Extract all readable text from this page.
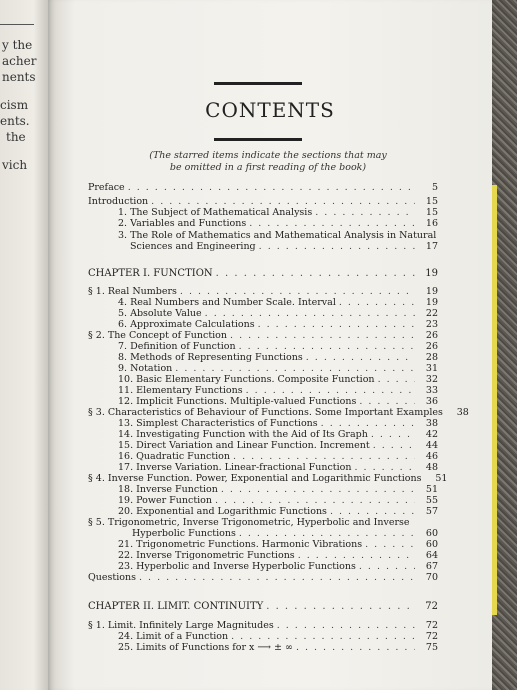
y the
acher
nents
cism
ents.
the
vich
CONTENTS
(The starred items indicate the sections that may
be omitted in a first reading of the book)
Preface . . .	5
Introduction . . .	15
1. The Subject of Mathematical Analysis . . .	15
2. Variables and Functions . . .	16
3. The Role of Mathematics and Mathematical Analysis in Natural
Sciences and Engineering . . .	17
CHAPTER I. FUNCTION . . .	19
§ 1. Real Numbers . . .	19
4. Real Numbers and Number Scale. Interval . . .	19
5. Absolute Value . . .	22
6. Approximate Calculations . . .	23
§ 2. The Concept of Function . . .	26
7. Definition of Function . . .	26
8. Methods of Representing Functions . . .	28
9. Notation . . .	31
10. Basic Elementary Functions. Composite Function . . .	32
11. Elementary Functions . . .	33
12. Implicit Functions. Multiple-valued Functions . . .	36
§ 3. Characteristics of Behaviour of Functions. Some Important Examples	38
13. Simplest Characteristics of Functions . . .	38
14. Investigating Function with the Aid of Its Graph . . .	42
15. Direct Variation and Linear Function. Increment . . .	44
16. Quadratic Function . . .	46
17. Inverse Variation. Linear-fractional Function . . .	48
§ 4. Inverse Function. Power, Exponential and Logarithmic Functions	51
18. Inverse Function . . .	51
19. Power Function . . .	55
20. Exponential and Logarithmic Functions . . .	57
§ 5. Trigonometric, Inverse Trigonometric, Hyperbolic and Inverse
Hyperbolic Functions . . .	60
21. Trigonometric Functions. Harmonic Vibrations . . .	60
22. Inverse Trigonometric Functions . . .	64
23. Hyperbolic and Inverse Hyperbolic Functions . . .	67
Questions . . .	70
CHAPTER II. LIMIT. CONTINUITY . . .	72
§ 1. Limit. Infinitely Large Magnitudes . . .	72
24. Limit of a Function . . .	72
25. Limits of Functions for x ⟶ ± ∞ . . .	75
